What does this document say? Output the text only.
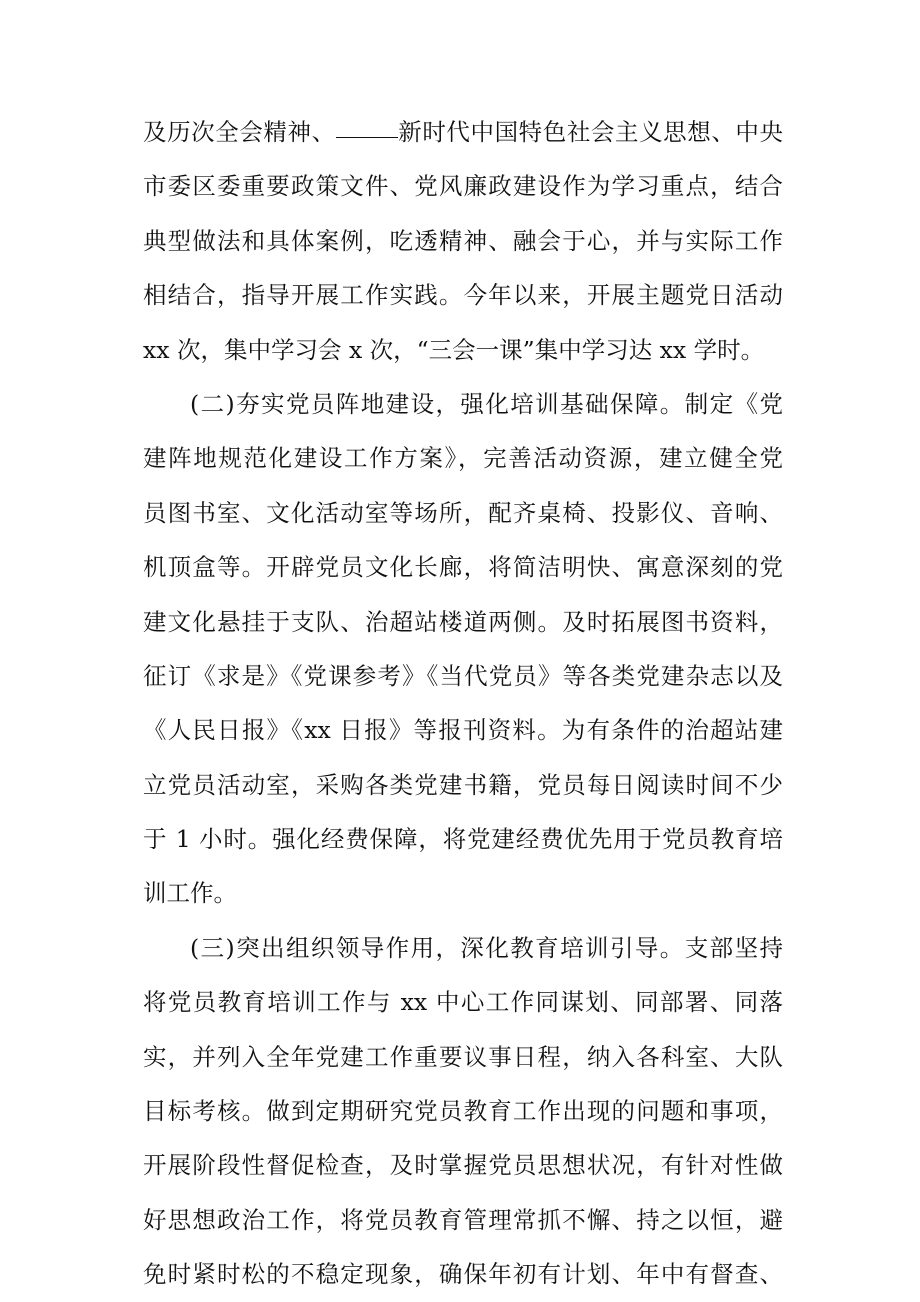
及历次全会精神、	新时代中国特色社会主义思想、中央
市委区委重要政策文件、党风廉政建设作为学习重点，结合
典型做法和具体案例，吃透精神、融会于心，并与实际工作
相结合，指导开展工作实践。今年以来，开展主题党日活动
xx 次，集中学习会 x 次，“三会一课”集中学习达 xx 学时。
(二)夯实党员阵地建设，强化培训基础保障。制定《党
建阵地规范化建设工作方案》，完善活动资源，建立健全党
员图书室、文化活动室等场所，配齐桌椅、投影仪、音响、
机顶盒等。开辟党员文化长廊，将简洁明快、寓意深刻的党
建文化悬挂于支队、治超站楼道两侧。及时拓展图书资料，
征订《求是》《党课参考》《当代党员》等各类党建杂志以及
《人民日报》《xx 日报》等报刊资料。为有条件的治超站建
立党员活动室，采购各类党建书籍，党员每日阅读时间不少
于 1 小时。强化经费保障，将党建经费优先用于党员教育培
训工作。
(三)突出组织领导作用，深化教育培训引导。支部坚持
将党员教育培训工作与 xx 中心工作同谋划、同部署、同落
实，并列入全年党建工作重要议事日程，纳入各科室、大队
目标考核。做到定期研究党员教育工作出现的问题和事项，
开展阶段性督促检查，及时掌握党员思想状况，有针对性做
好思想政治工作，将党员教育管理常抓不懈、持之以恒，避
免时紧时松的不稳定现象，确保年初有计划、年中有督查、
